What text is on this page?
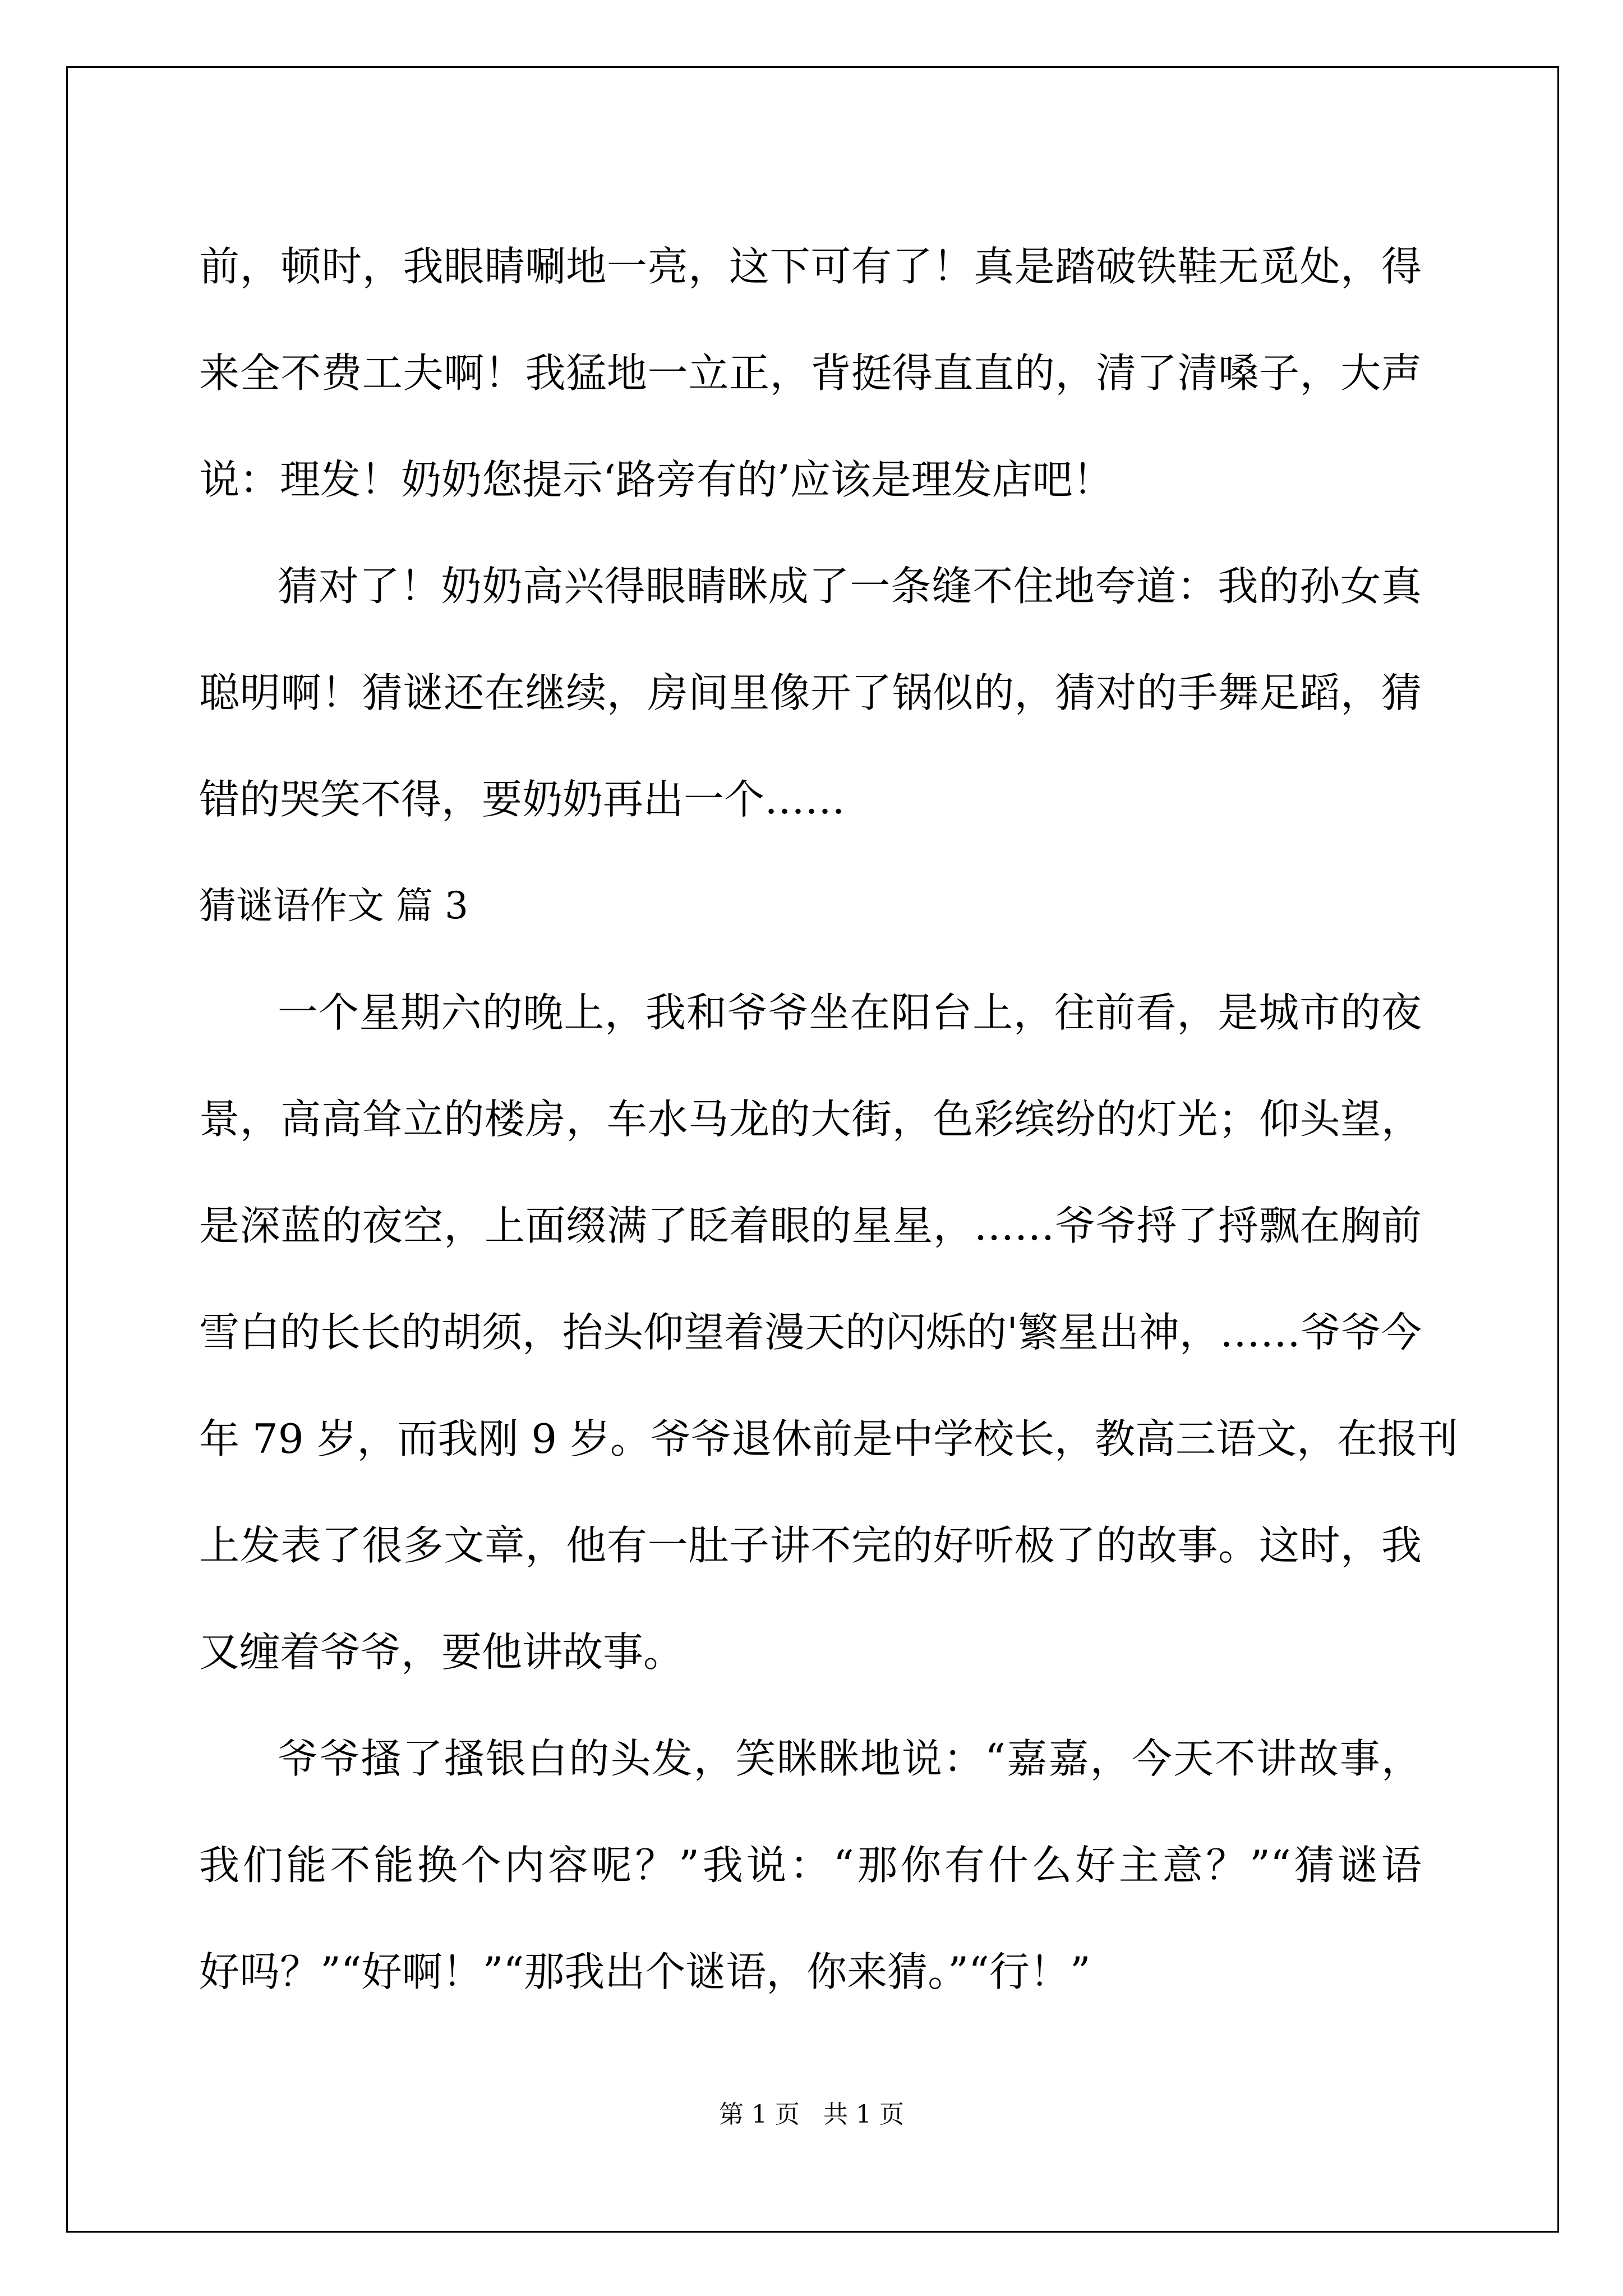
前，顿时，我眼睛唰地一亮，这下可有了！真是踏破铁鞋无觅处，得
来全不费工夫啊！我猛地一立正，背挺得直直的，清了清嗓子，大声
说：理发！奶奶您提示‘路旁有的’应该是理发店吧！
猜对了！奶奶高兴得眼睛眯成了一条缝不住地夸道：我的孙女真
聪明啊！猜谜还在继续，房间里像开了锅似的，猜对的手舞足蹈，猜
错的哭笑不得，要奶奶再出一个……
猜谜语作文 篇 3
一个星期六的晚上，我和爷爷坐在阳台上，往前看，是城市的夜
景，高高耸立的楼房，车水马龙的大街，色彩缤纷的灯光；仰头望，
是深蓝的夜空，上面缀满了眨着眼的星星，……爷爷捋了捋飘在胸前
雪白的长长的胡须，抬头仰望着漫天的闪烁的'繁星出神，……爷爷今
年 79 岁，而我刚 9 岁。爷爷退休前是中学校长，教高三语文，在报刊
上发表了很多文章，他有一肚子讲不完的好听极了的故事。这时，我
又缠着爷爷，要他讲故事。
爷爷搔了搔银白的头发，笑眯眯地说：“嘉嘉，今天不讲故事，
我们能不能换个内容呢？”我说：“那你有什么好主意？”“猜谜语
好吗？”“好啊！”“那我出个谜语，你来猜。”“行！”
第 1 页   共 1 页
